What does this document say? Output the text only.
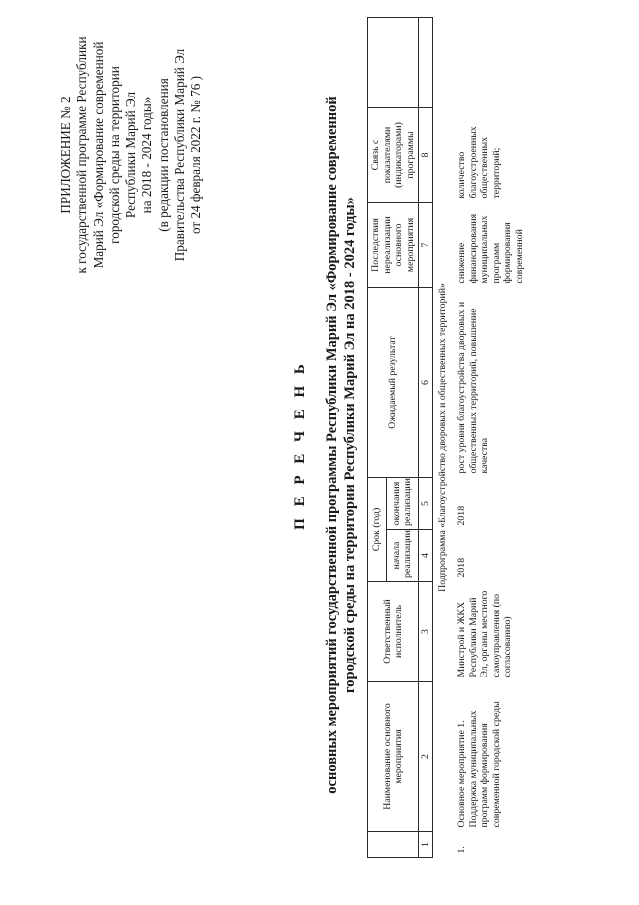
ПРИЛОЖЕНИЕ № 2 к государственной программе Республики Марий Эл «Формирование современной городской среды на территории Республики Марий Эл на 2018 - 2024 годы» (в редакции постановления Правительства Республики Марий Эл от 24 февраля 2022 г. № 76 )
П Е Р Е Ч Е Н Ь основных мероприятий государственной программы Республики Марий Эл «Формирование современной городской среды на территории Республики Марий Эл на 2018 - 2024 годы»
	Наименование основного мероприятия	Ответственный исполнитель	Срок (год)		Ожидаемый результат	Последствия нереализации основного мероприятия	Связь с показателями (индикаторами) программы	
			начала реализации	окончания реализации				
1	2	3	4	5	6	7	8	
Подпрограмма «Благоустройство дворовых и общественных территорий»								
1.	Основное мероприятие 1. Поддержка муниципальных программ формирования современной городской среды	Минстрой и ЖКХ Республики Марий Эл, органы местного самоуправления (по согласованию)	2018	2018	рост уровня благоустройства дворовых и общественных территорий, повышение качества	снижение финансирования муниципальных программ формирования современной	количество благоустроенных общественных территорий;	
